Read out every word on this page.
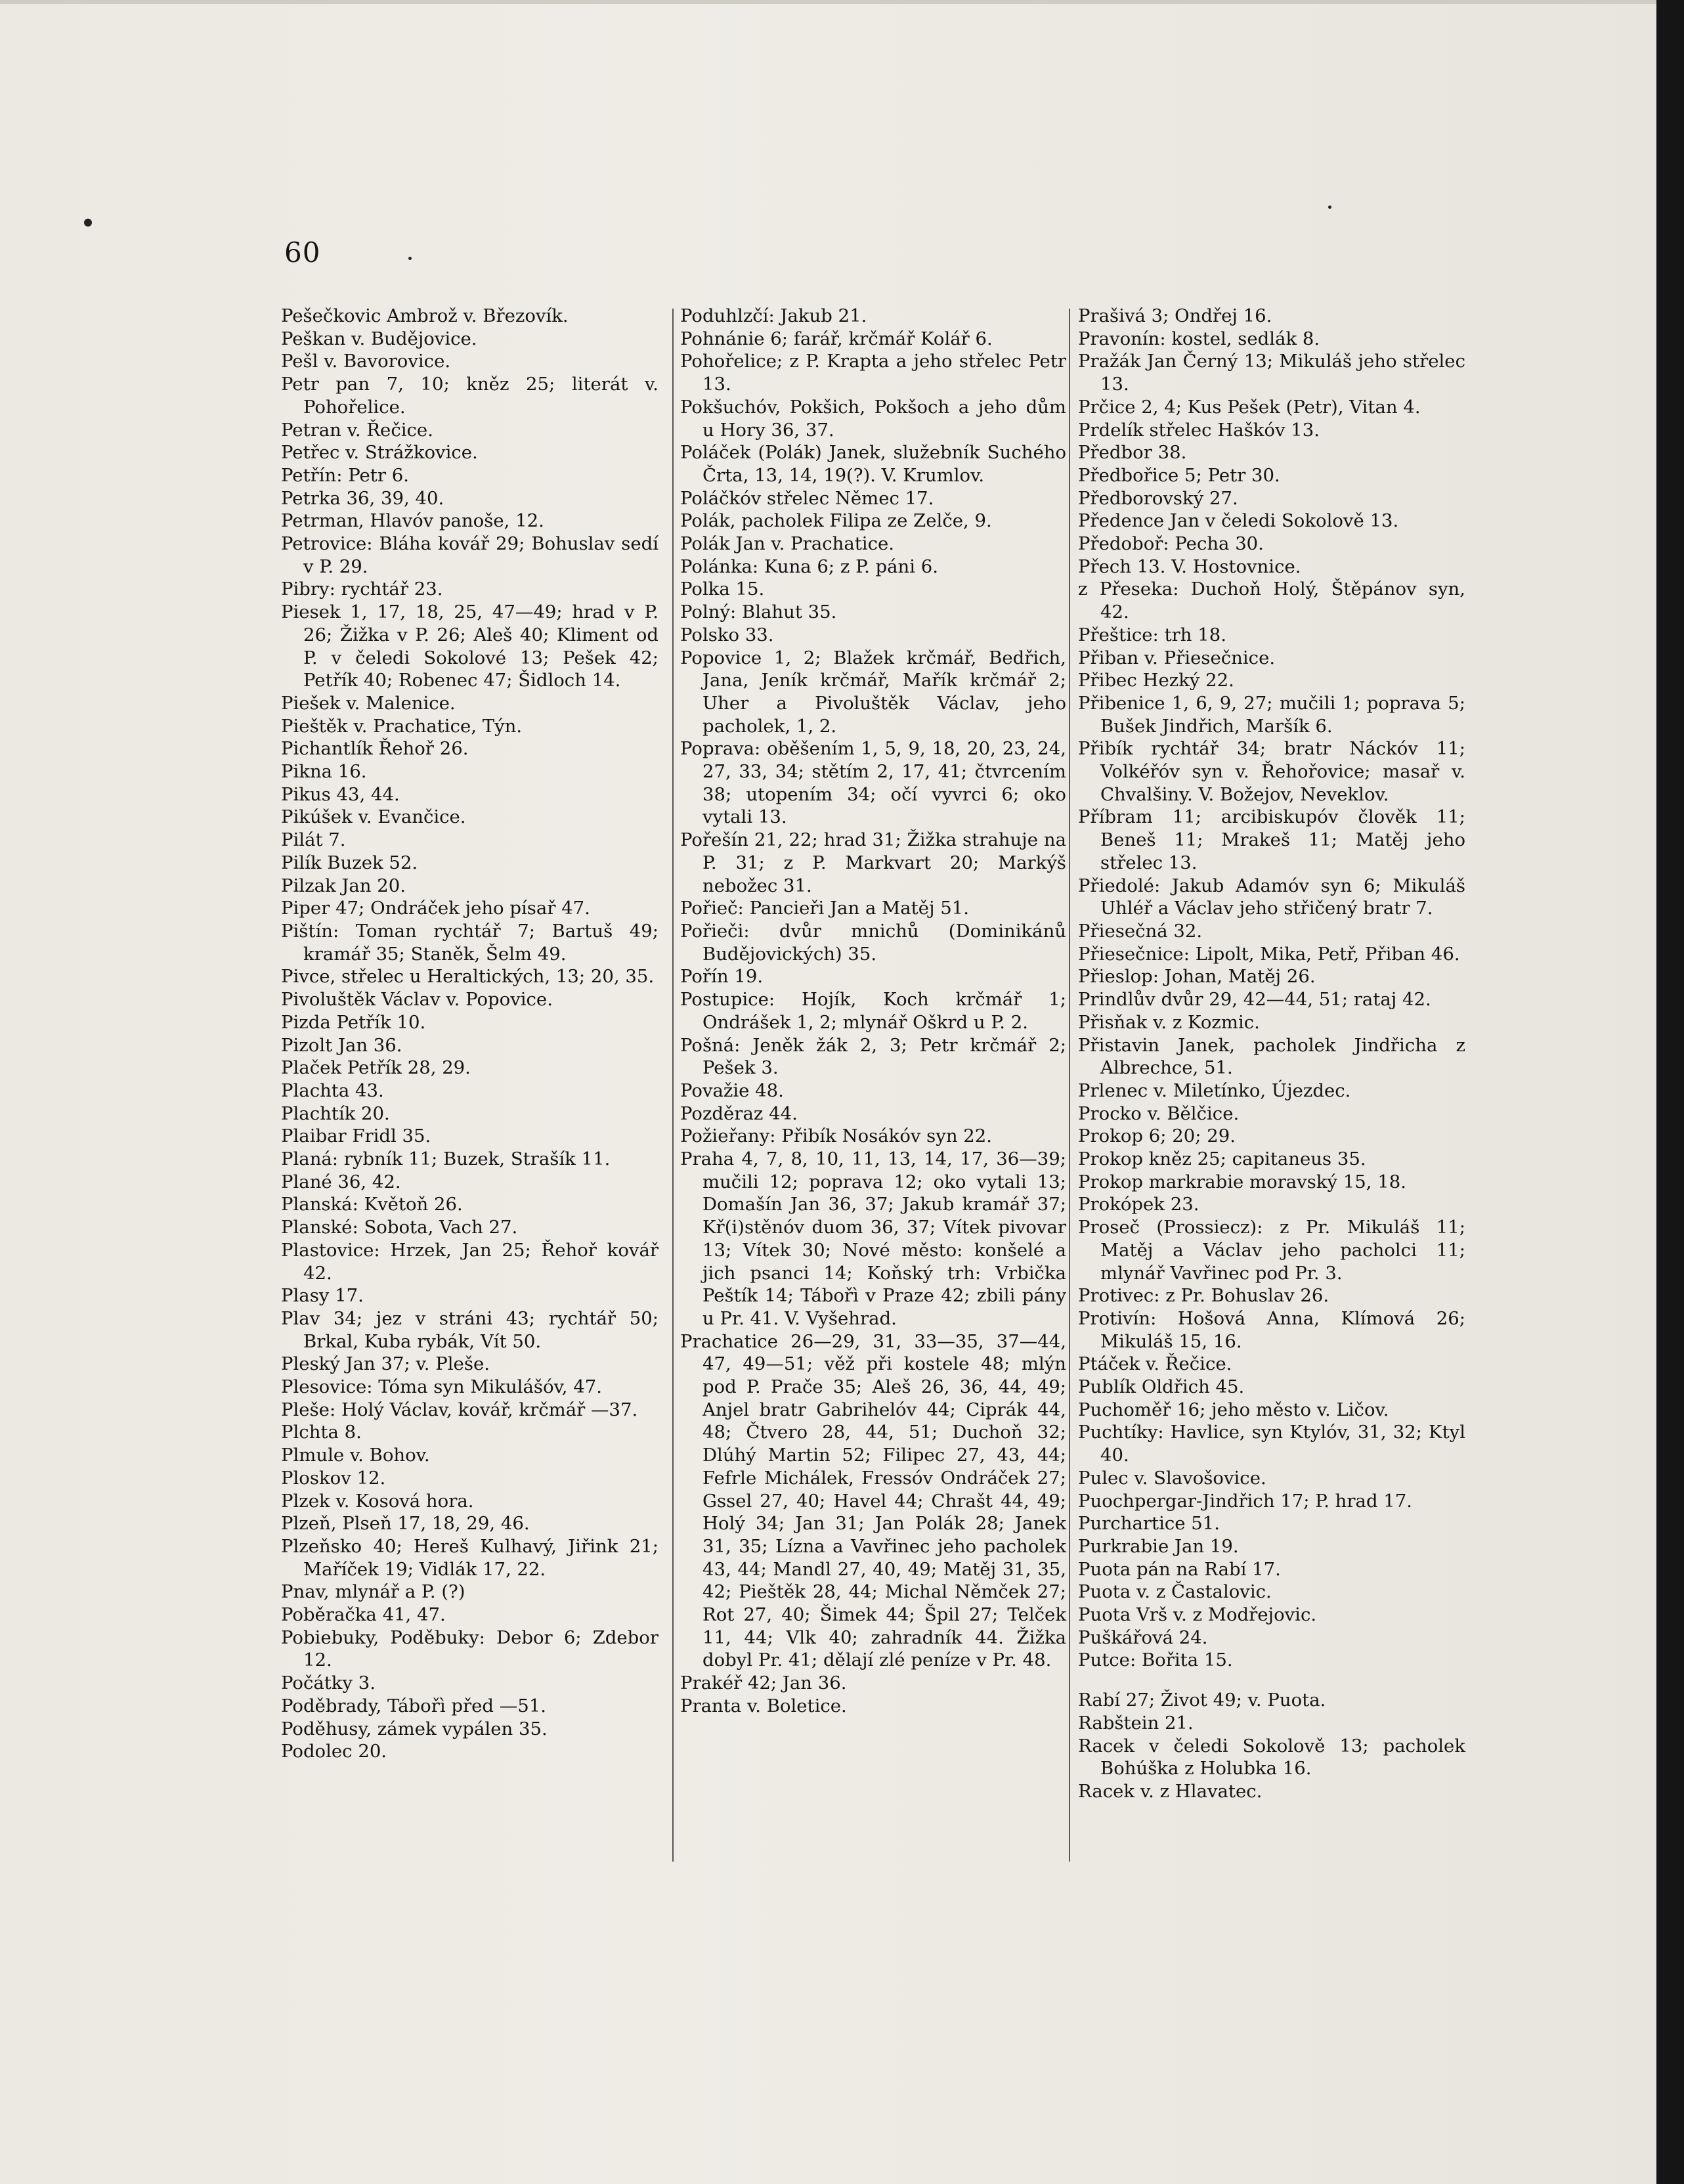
60
Pešečkovic Ambrož v. Březovík.
Peškan v. Budějovice.
Pešl v. Bavorovice.
Petr pan 7, 10; kněz 25; literát v. Pohořelice.
Petran v. Řečice.
Petřec v. Strážkovice.
Petřín: Petr 6.
Petrka 36, 39, 40.
Petrman, Hlavóv panoše, 12.
Petrovice: Bláha kovář 29; Bohuslav sedí v P. 29.
Pibry: rychtář 23.
Piesek 1, 17, 18, 25, 47—49; hrad v P. 26; Žižka v P. 26; Aleš 40; Kliment od P. v čeledi Sokolové 13; Pešek 42; Petřík 40; Robenec 47; Šidloch 14.
Piešek v. Malenice.
Pieštěk v. Prachatice, Týn.
Pichantlík Řehoř 26.
Pikna 16.
Pikus 43, 44.
Pikúšek v. Evančice.
Pilát 7.
Pilík Buzek 52.
Pilzak Jan 20.
Piper 47; Ondráček jeho písař 47.
Pištín: Toman rychtář 7; Bartuš 49; kramář 35; Staněk, Šelm 49.
Pivce, střelec u Heraltických, 13; 20, 35.
Pivoluštěk Václav v. Popovice.
Pizda Petřík 10.
Pizolt Jan 36.
Plaček Petřík 28, 29.
Plachta 43.
Plachtík 20.
Plaibar Fridl 35.
Planá: rybník 11; Buzek, Strašík 11.
Plané 36, 42.
Planská: Květoň 26.
Planské: Sobota, Vach 27.
Plastovice: Hrzek, Jan 25; Řehoř kovář 42.
Plasy 17.
Plav 34; jez v stráni 43; rychtář 50; Brkal, Kuba rybák, Vít 50.
Pleský Jan 37; v. Pleše.
Plesovice: Tóma syn Mikulášóv, 47.
Pleše: Holý Václav, kovář, krčmář —37.
Plchta 8.
Plmule v. Bohov.
Ploskov 12.
Plzek v. Kosová hora.
Plzeň, Plseň 17, 18, 29, 46.
Plzeňsko 40; Hereš Kulhavý, Jiřink 21; Maříček 19; Vidlák 17, 22.
Pnav, mlynář a P. (?)
Poběračka 41, 47.
Pobiebuky, Poděbuky: Debor 6; Zdebor 12.
Počátky 3.
Poděbrady, Tábořì před —51.
Poděhusy, zámek vypálen 35.
Podolec 20.
Poduhlzčí: Jakub 21.
Pohnánie 6; farář, krčmář Kolář 6.
Pohořelice; z P. Krapta a jeho střelec Petr 13.
Pokšuchóv, Pokšich, Pokšoch a jeho dům u Hory 36, 37.
Poláček (Polák) Janek, služebník Suchého Črta, 13, 14, 19(?). V. Krumlov.
Poláčkóv střelec Němec 17.
Polák, pacholek Filipa ze Zelče, 9.
Polák Jan v. Prachatice.
Polánka: Kuna 6; z P. páni 6.
Polka 15.
Polný: Blahut 35.
Polsko 33.
Popovice 1, 2; Blažek krčmář, Bedřich, Jana, Jeník krčmář, Mařík krčmář 2; Uher a Pivoluštěk Václav, jeho pacholek, 1, 2.
Poprava: oběšením 1, 5, 9, 18, 20, 23, 24, 27, 33, 34; stětím 2, 17, 41; čtvrcením 38; utopením 34; očí vyvrci 6; oko vytali 13.
Pořešín 21, 22; hrad 31; Žižka strahuje na P. 31; z P. Markvart 20; Markýš nebožec 31.
Pořieč: Pancieři Jan a Matěj 51.
Pořieči: dvůr mnichů (Dominikánů Budějovických) 35.
Pořín 19.
Postupice: Hojík, Koch krčmář 1; Ondrášek 1, 2; mlynář Oškrd u P. 2.
Pošná: Jeněk žák 2, 3; Petr krčmář 2; Pešek 3.
Považie 48.
Pozděraz 44.
Požieřany: Přibík Nosákóv syn 22.
Praha 4, 7, 8, 10, 11, 13, 14, 17, 36—39; mučili 12; poprava 12; oko vytali 13; Domašín Jan 36, 37; Jakub kramář 37; Kř(i)stěnóv duom 36, 37; Vítek pivovar 13; Vítek 30; Nové město: konšelé a jich psanci 14; Koňský trh: Vrbička Peštík 14; Tábořì v Praze 42; zbili pány u Pr. 41. V. Vyšehrad.
Prachatice 26—29, 31, 33—35, 37—44, 47, 49—51; věž při kostele 48; mlýn pod P. Prače 35; Aleš 26, 36, 44, 49; Anjel bratr Gabrihelóv 44; Ciprák 44, 48; Čtvero 28, 44, 51; Duchoň 32; Dlúhý Martin 52; Filipec 27, 43, 44; Fefrle Michálek, Fressóv Ondráček 27; Gssel 27, 40; Havel 44; Chrašt 44, 49; Holý 34; Jan 31; Jan Polák 28; Janek 31, 35; Lízna a Vavřinec jeho pacholek 43, 44; Mandl 27, 40, 49; Matěj 31, 35, 42; Pieštěk 28, 44; Michal Němček 27; Rot 27, 40; Šimek 44; Špil 27; Telček 11, 44; Vlk 40; zahradník 44. Žižka dobyl Pr. 41; dělají zlé peníze v Pr. 48.
Prakéř 42; Jan 36.
Pranta v. Boletice.
Prašivá 3; Ondřej 16.
Pravonín: kostel, sedlák 8.
Pražák Jan Černý 13; Mikuláš jeho střelec 13.
Prčice 2, 4; Kus Pešek (Petr), Vitan 4.
Prdelík střelec Haškóv 13.
Předbor 38.
Předbořice 5; Petr 30.
Předborovský 27.
Předence Jan v čeledi Sokolově 13.
Předoboř: Pecha 30.
Přech 13. V. Hostovnice.
z Přeseka: Duchoň Holý, Štěpánov syn, 42.
Přeštice: trh 18.
Přiban v. Přiesečnice.
Přibec Hezký 22.
Přibenice 1, 6, 9, 27; mučili 1; poprava 5; Bušek Jindřich, Maršík 6.
Přibík rychtář 34; bratr Náckóv 11; Volkéřóv syn v. Řehořovice; masař v. Chvalšiny. V. Božejov, Neveklov.
Příbram 11; arcibiskupóv člověk 11; Beneš 11; Mrakeš 11; Matěj jeho střelec 13.
Přiedolé: Jakub Adamóv syn 6; Mikuláš Uhléř a Václav jeho střičený bratr 7.
Přiesečná 32.
Přiesečnice: Lipolt, Mika, Petř, Přiban 46.
Přieslop: Johan, Matěj 26.
Prindlův dvůr 29, 42—44, 51; rataj 42.
Přisňak v. z Kozmic.
Přistavin Janek, pacholek Jindřicha z Albrechce, 51.
Prlenec v. Miletínko, Újezdec.
Procko v. Bělčice.
Prokop 6; 20; 29.
Prokop kněz 25; capitaneus 35.
Prokop markrabie moravský 15, 18.
Prokópek 23.
Proseč (Prossiecz): z Pr. Mikuláš 11; Matěj a Václav jeho pacholci 11; mlynář Vavřinec pod Pr. 3.
Protivec: z Pr. Bohuslav 26.
Protivín: Hošová Anna, Klímová 26; Mikuláš 15, 16.
Ptáček v. Řečice.
Publík Oldřich 45.
Puchoměř 16; jeho město v. Ličov.
Puchtíky: Havlice, syn Ktylóv, 31, 32; Ktyl 40.
Pulec v. Slavošovice.
Puochpergar-Jindřich 17; P. hrad 17.
Purchartice 51.
Purkrabie Jan 19.
Puota pán na Rabí 17.
Puota v. z Častalovic.
Puota Vrš v. z Modřejovic.
Puškářová 24.
Putce: Bořita 15.
Rabí 27; Život 49; v. Puota.
Rabštein 21.
Racek v čeledi Sokolově 13; pacholek Bohúška z Holubka 16.
Racek v. z Hlavatec.
